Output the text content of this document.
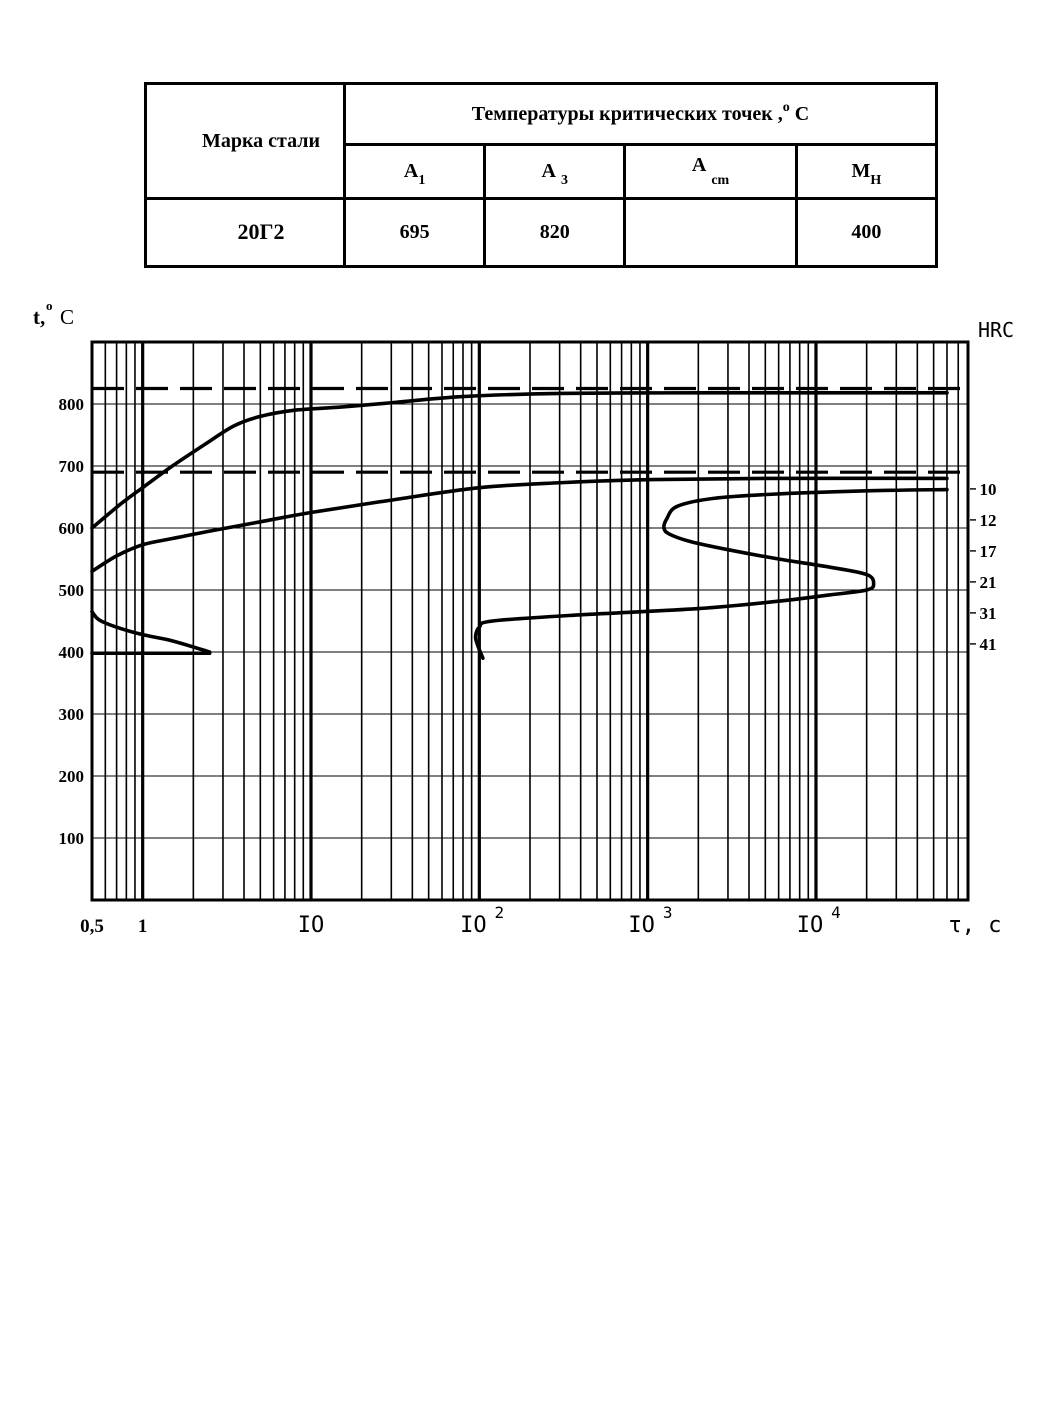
Марка стали	Температуры критических точек ,$^o$ С			
	$A_1$	A $_3$	A $_{cm}$	$M_H$
20Г2	695	820		400
100
200
300
400
500
600
700
800
t, o C
0,5 1	IO	IO
2
IO
3
IO
4
τ, c
HRC
10
12
17
21
31
41
